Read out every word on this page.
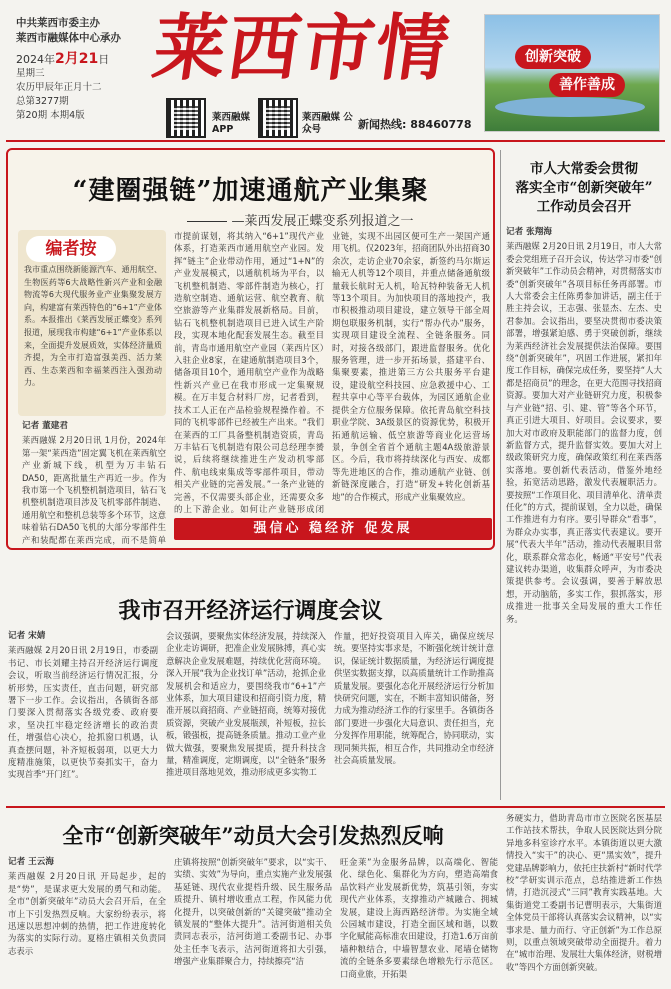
中共莱西市委主办
莱西市融媒体中心承办
2024年2月21日
星期三
农历甲辰年正月十二
总第3277期
第20期 本期4版
莱西市情
莱西融媒 APP
莱西融媒 公众号	新闻热线: 88460778
创新突破
善作善成
“建圈强链”加速通航产业集聚
—莱西发展正蝶变系列报道之一
编者按
我市重点围绕新能源汽车、通用航空、生物医药等6大战略性新兴产业和金融物流等6大现代服务业产业集聚发展方向，构建富有莱西特色的“6+1”产业体系。本报推出《莱西发展正蝶变》系列报道，展现我市构建“6+1”产业体系以来，全面提升发展质效，实体经济量质齐提，为全市打造富强美西、活力莱西、生态莱西和幸福莱西注入强劲动力。
记者 董建君
莱西融媒 2月20日讯 1月份，2024年第一架“莱西造”固定翼飞机在莱西航空产业新城下线，机型为万丰钻石DA50，距离批量生产再近一步。作为我市第一个飞机整机制造项目，钻石飞机整机制造项目涉及飞机零部件制造、通用航空和整机总装等多个环节，这意味着钻石DA50飞机的大部分零部件生产和装配都在莱西完成，而不是简单
市提前谋划，将其纳入“6+1”现代产业体系，打造莱西市通用航空产业园。发挥“链主”企业带动作用，通过“1+N”的产业发展模式，以通航机场为平台，以飞机整机制造、零部件制造为核心，打造航空制造、通航运营、航空教育、航空旅游等产业集群发展新格局。目前，钻石飞机整机制造项目已进入试生产阶段，实现本地化配套发展生态。截至目前，青岛市通用航空产业园（莱西片区）入驻企业8家，在建通航制造项目3个，储备项目10个，通用航空产业作为战略性新兴产业已在我市形成一定集聚规模。在万丰复合材料厂房，记者看到，技术工人正在产品检验规程操作着。不同的飞机零部件已经被生产出来。“我们在莱西的工厂具备整机制造资质，青岛万丰钻石飞机制造有限公司总经理李赟说，后续将继续推进生产发动机零部件、航电线束集成等零部件项目，带动相关产业链的完善发展。”一条产业链的完善，不仅需要头部企业，还需要众多的上下游企业。如何让产业链形成闭
业链，实现不出园区便可生产一架国产通用飞机。仅2023年，招商团队外出招商30余次，走访企业70余家，新签约马尔斯运输无人机等12个项目，并重点储备通航级量载长航时无人机，哈瓦特种装备无人机等13个项目。为加快项目的落地投产，我市积极推动项目建设，建立领导干部全周期包联服务机制，实行“帮办代办”服务，实现项目建设全流程、全链条服务。同时，对接各级部门，跟进监督服务。优化服务管理，进一步开拓场景，搭建平台、集聚要素，推进第三方公共服务平台建设，建设航空科技园、应急救援中心、工程共享中心等平台载体，为园区通航企业提供全方位服务保障。依托青岛航空科技职业学院、3A级景区的资源优势，积极开拓通航运输、低空旅游等商业化运营场景，争创全省首个通航主题4A级旅游景区。今后，我市将持续深化与西安、成都等先进地区的合作，推动通航产业链、创新链深度融合，打造“研发+转化创新基地”的合作模式，形成产业集聚效应。
强信心 稳经济 促发展
市人大常委会贯彻
落实全市“创新突破年”
工作动员会召开
记者 张翔海
莱西融媒 2月20日讯 2月19日，市人大常委会党组班子召开会议，传达学习市委“创新突破年”工作动员会精神，对贯彻落实市委“创新突破年”各项目标任务再部署。市人大常委会主任陈勇参加讲话，副主任于胜主持会议，王志强、张显杰、左杰、史君参加。会议指出，要坚决贯彻市委决策部署，增强紧迫感、勇于突破创新，继续为莱西经济社会发展提供法治保障。要围绕“创新突破年”，巩固工作进展，紧扣年度工作目标，确保完成任务，要坚持“人大都是招商员”的理念，在更大范围寻找招商资源。要加大对产业链研究力度，积极参与产业链“招、引、建、管”等各个环节，真正引进大项目、好项目。会议要求，要加大对市政府及职能部门的监督力度，创新监督方式，提升监督实效。要加大对上级政策研究力度，确保政策红利在莱西落实落地。要创新代表活动，借鉴外地经验，拓宽活动思路，激发代表履职活力。要按照“工作项目化、项目清单化、清单责任化”的方式，提前谋划，全力以赴，确保工作推进有力有序。要引导群众“看事”，为群众办实事，真正落实代表建议。要开展“代表大半年”活动，推动代表履职目常化，联系群众常态化，畅通“平安号”代表建议转办渠道，收集群众呼声，为市委决策提供参考。会议强调，要善于解放思想，开动脑筋，多实工作，狠抓落实，形成推进一批事关全局发展的重大工作任务。
我市召开经济运行调度会议
记者 宋婧
莱西融媒 2月20日讯 2月19日，市委副书记、市长刘耀主持召开经济运行调度会议，听取当前经济运行情况汇报，分析形势，压实责任，直击问题，研究部署下一步工作。会议指出，各镇街各部门要深入贯彻落实各级党委、政府要求，坚决扛牢稳定经济增长的政治责任，增强信心决心，抢抓窗口机遇，认真查摆问题，补齐短板弱项，以更大力度精准施策，以更快节奏抓实干，奋力实现首季“开门红”。
会议强调，要聚焦实体经济发展，持续深入企业走访调研，把准企业发展脉搏，真心实意解决企业发展难题，持续优化营商环境。深入开展“我为企业找订单”活动，抢抓企业发展机会和适应力，要围绕我市“6+1”产业体系，加大项目建设和招商引资力度，精准开展以商招商、产业链招商，统筹对接优质资源，突破产业发展瓶颈，补短板，拉长板，锻强板，提高链条质量。推动工业产业做大做强，要聚焦发展提质，提升科技含量，精准调度，定期调度，以“全链条”服务推进项目落地见效，推动形成更多实物工
作量，把好投资项目入库关，确保应统尽统。要坚持实事求是，不断强化统计统计意识，保证统计数据质量，为经济运行调度提供坚实数据支撑，以高质量统计工作助推高质量发展。要强化态化开展经济运行分析加快研究问题，实在，不断丰富知识储备，努力成为推动经济工作的行家里手。各镇街各部门要进一步强化大局意识、责任担当，充分发挥作用职能，统筹配合，协同联动，实现同频共振，相互合作，共同推动全市经济社会高质量发展。
全市“创新突破年”动员大会引发热烈反响
记者 王云海
莱西融媒 2月20日讯 开局起步，起的是“势”，是谋求更大发展的勇气和动能。全市“创新突破年”动员大会召开后，在全市上下引发热烈反响。大家纷纷表示，将迅速以思想冲刺的热情，把工作进度转化为落实的实际行动。夏格庄镇相关负责同志表示
庄镇将按照“创新突破年”要求，以“实干、实绩、实效”为导向，重点实施产业发展强基延链、现代农业提档升级、民生服务品质提升、镇村增收重点工程，作风能力优化提升，以突破创新的“关键突破”推动全镇发展的“整体大提升”。洁河街道相关负责同志表示，洁河街道工委副书记、办事处主任李飞表示，洁河街道将扣大引强，增强产业集群聚合力，持续擦亮“洁
旺金莱”为金服务品牌，以高端化、智能化、绿色化、集群化为方向，塑造高端食品饮料产业发展新优势，筑基引领，夯实现代产业体系，支撑推动产城融合、拥城发展，建设上海西路经济带。为实施全域公园城市建设，打造全面区域和谐，以数字化赋能高标准农田建设，打造1.6万亩前墙种粮结合，中墙智慧农业、尾墙仓储物流的全链条多要素绿色增粮先行示范区。口商业旅，开拓渠
务硬实力，借助青岛市市立医院名医基层工作站技术帮扶，争取人民医院达到分院异地多科室诊疗水平。本镇街道以更大激情投入“实干”的决心、更“黑实效”，提升党建品牌影响力，依托庄扶新村“新时代学校”学研实训示范点，总结推进新工作热情，打造沉浸式“三同”教育实践基地。大集街道党工委副书记曹明表示，大集街道全体党员干部将认真落实会议精神，以“实事求是、量力而行、守正创新”为工作总原则，以重点领域突破带动全面提升。着力在“城市治理、发展壮大集体经济，财税增收”等四个方面创新突破。
